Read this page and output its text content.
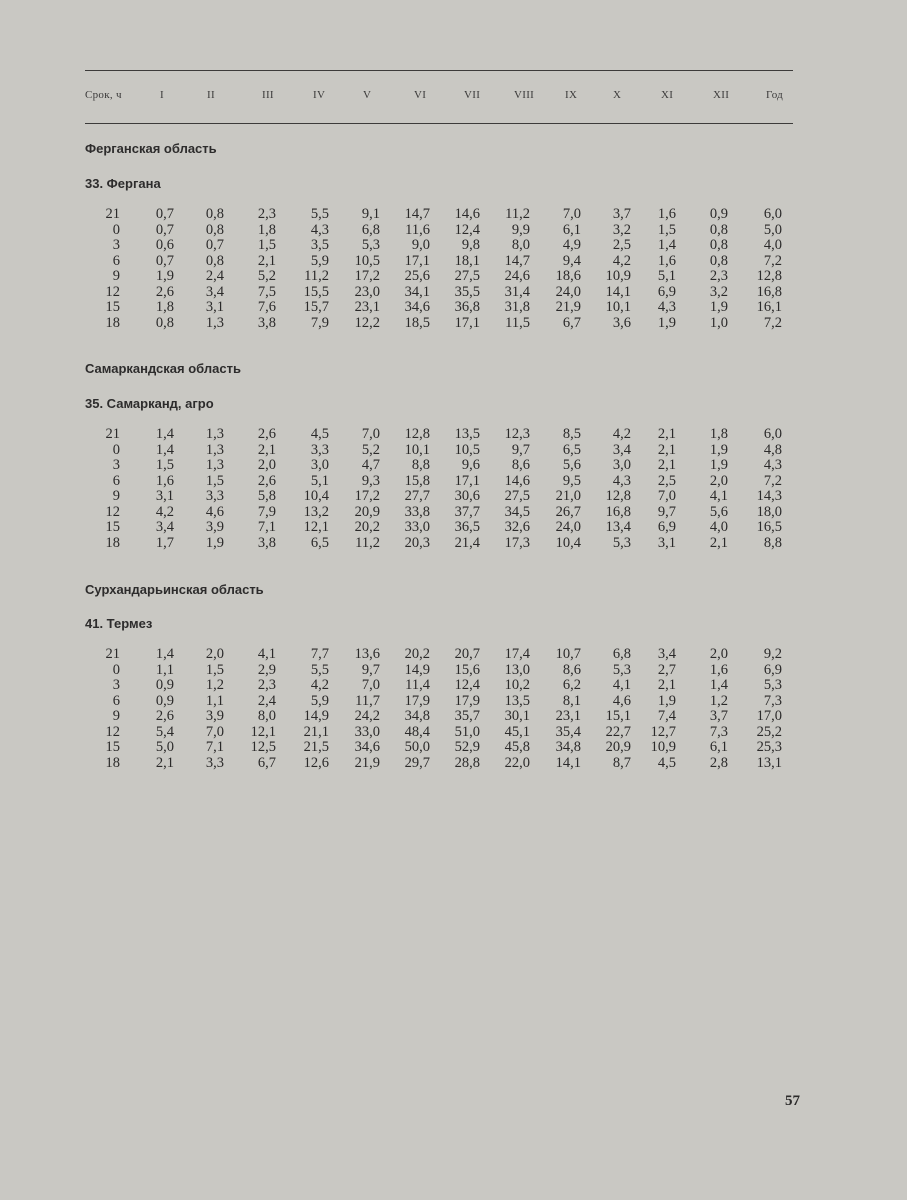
Срок, ч	I	II	III	IV	V	VI	VII	VIII	IX	X	XI	XII	Год
Ферганская область
33. Фергана
21	0,7	0,8	2,3	5,5	9,1	14,7	14,6	11,2	7,0	3,7	1,6	0,9	6,0
0	0,7	0,8	1,8	4,3	6,8	11,6	12,4	9,9	6,1	3,2	1,5	0,8	5,0
3	0,6	0,7	1,5	3,5	5,3	9,0	9,8	8,0	4,9	2,5	1,4	0,8	4,0
6	0,7	0,8	2,1	5,9	10,5	17,1	18,1	14,7	9,4	4,2	1,6	0,8	7,2
9	1,9	2,4	5,2	11,2	17,2	25,6	27,5	24,6	18,6	10,9	5,1	2,3	12,8
12	2,6	3,4	7,5	15,5	23,0	34,1	35,5	31,4	24,0	14,1	6,9	3,2	16,8
15	1,8	3,1	7,6	15,7	23,1	34,6	36,8	31,8	21,9	10,1	4,3	1,9	16,1
18	0,8	1,3	3,8	7,9	12,2	18,5	17,1	11,5	6,7	3,6	1,9	1,0	7,2
Самаркандская область
35. Самарканд, агро
21	1,4	1,3	2,6	4,5	7,0	12,8	13,5	12,3	8,5	4,2	2,1	1,8	6,0
0	1,4	1,3	2,1	3,3	5,2	10,1	10,5	9,7	6,5	3,4	2,1	1,9	4,8
3	1,5	1,3	2,0	3,0	4,7	8,8	9,6	8,6	5,6	3,0	2,1	1,9	4,3
6	1,6	1,5	2,6	5,1	9,3	15,8	17,1	14,6	9,5	4,3	2,5	2,0	7,2
9	3,1	3,3	5,8	10,4	17,2	27,7	30,6	27,5	21,0	12,8	7,0	4,1	14,3
12	4,2	4,6	7,9	13,2	20,9	33,8	37,7	34,5	26,7	16,8	9,7	5,6	18,0
15	3,4	3,9	7,1	12,1	20,2	33,0	36,5	32,6	24,0	13,4	6,9	4,0	16,5
18	1,7	1,9	3,8	6,5	11,2	20,3	21,4	17,3	10,4	5,3	3,1	2,1	8,8
Сурхандарьинская область
41. Термез
21	1,4	2,0	4,1	7,7	13,6	20,2	20,7	17,4	10,7	6,8	3,4	2,0	9,2
0	1,1	1,5	2,9	5,5	9,7	14,9	15,6	13,0	8,6	5,3	2,7	1,6	6,9
3	0,9	1,2	2,3	4,2	7,0	11,4	12,4	10,2	6,2	4,1	2,1	1,4	5,3
6	0,9	1,1	2,4	5,9	11,7	17,9	17,9	13,5	8,1	4,6	1,9	1,2	7,3
9	2,6	3,9	8,0	14,9	24,2	34,8	35,7	30,1	23,1	15,1	7,4	3,7	17,0
12	5,4	7,0	12,1	21,1	33,0	48,4	51,0	45,1	35,4	22,7	12,7	7,3	25,2
15	5,0	7,1	12,5	21,5	34,6	50,0	52,9	45,8	34,8	20,9	10,9	6,1	25,3
18	2,1	3,3	6,7	12,6	21,9	29,7	28,8	22,0	14,1	8,7	4,5	2,8	13,1
57
